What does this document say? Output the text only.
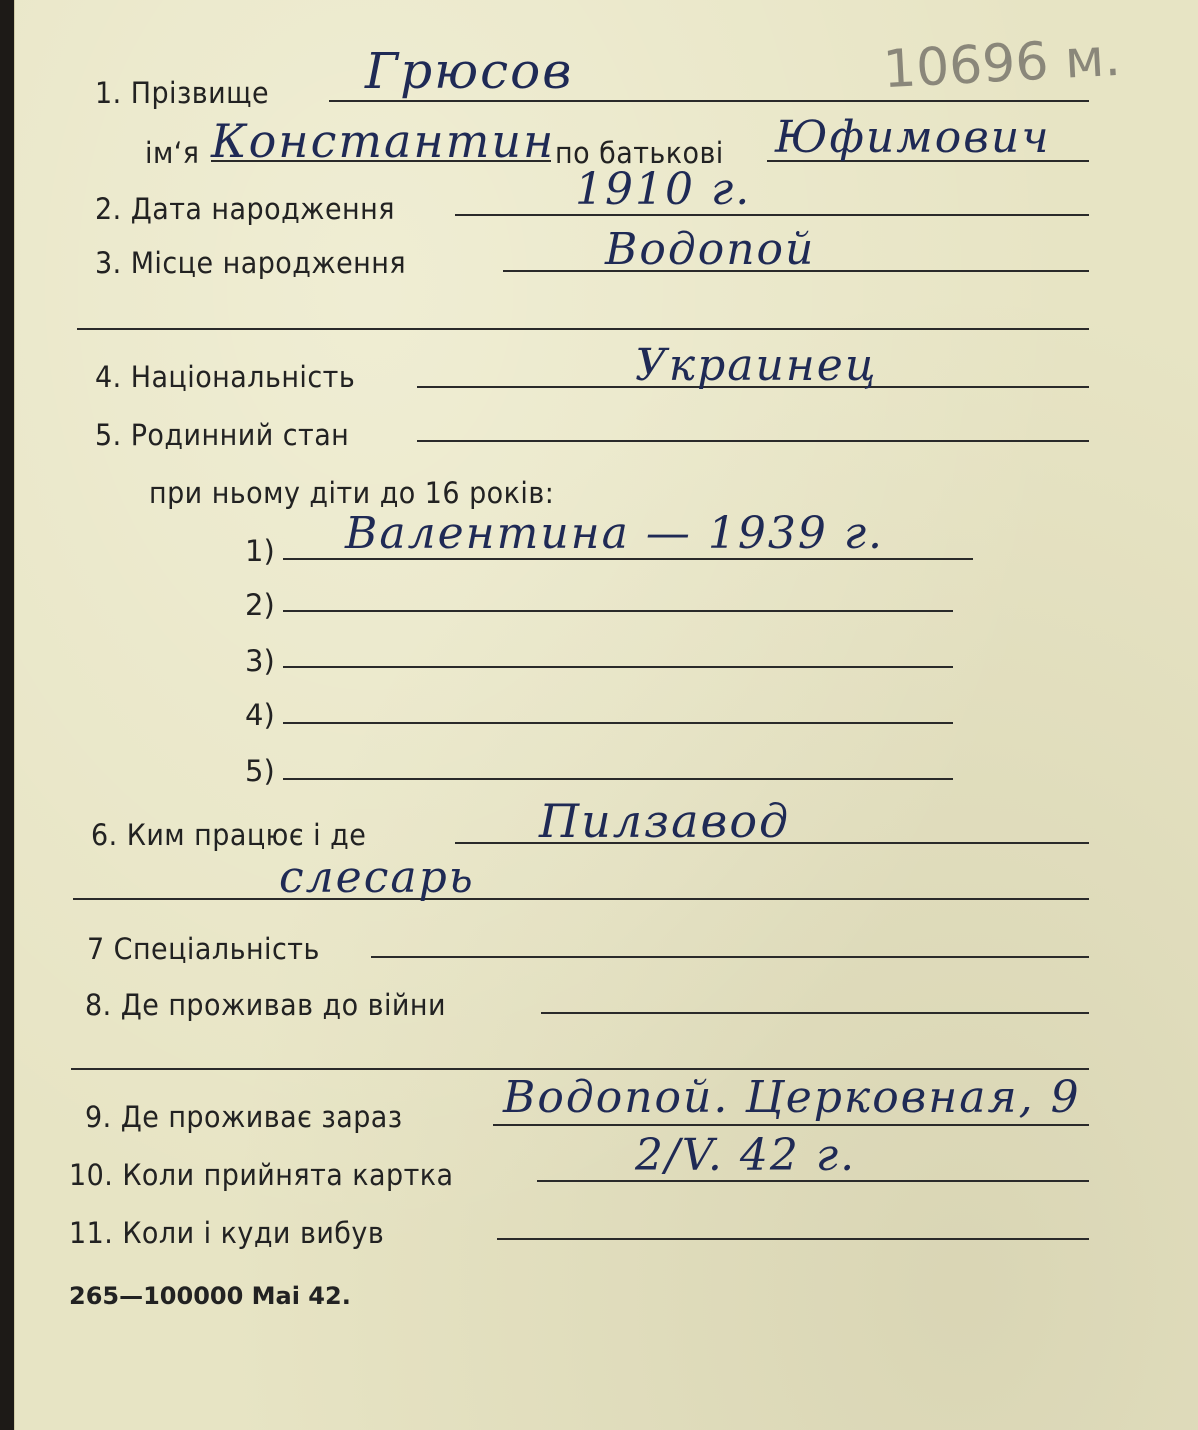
10696 м.
1. Прізвище Грюсов
ім‘я Константин по батькові Юфимович
2. Дата народження	1910 г.
3. Місце народження	Водопой
4. Національність	Украинец
5. Родинний стан
при ньому діти до 16 років:
1) Валентина — 1939 г.
2)
3)
4)
5)
6. Ким працює і де	Пилзавод
слесарь
7 Спеціальність
8. Де проживав до війни
9. Де проживає зараз Водопой. Церковная, 9
10. Коли прийнята картка	2/V. 42 г.
11. Коли і куди вибув
265—100000 Маі 42.
